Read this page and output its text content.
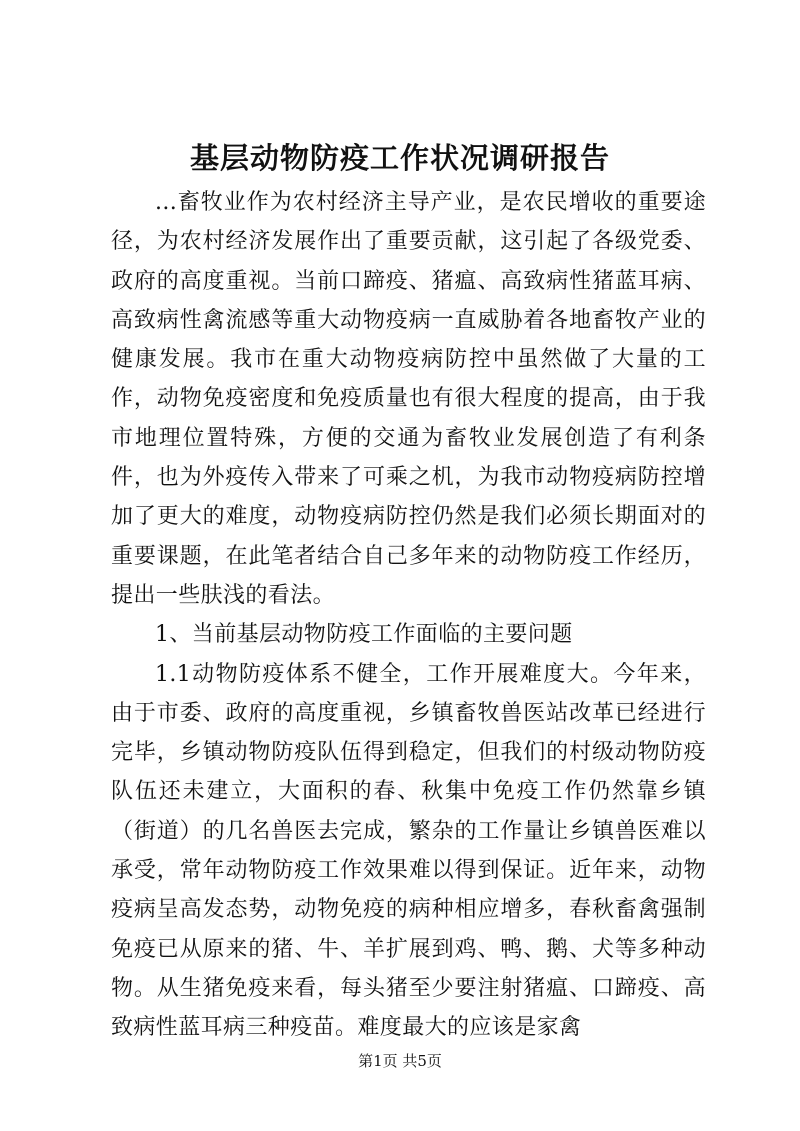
基层动物防疫工作状况调研报告

...畜牧业作为农村经济主导产业，是农民增收的重要途径，为农村经济发展作出了重要贡献，这引起了各级党委、政府的高度重视。当前口蹄疫、猪瘟、高致病性猪蓝耳病、高致病性禽流感等重大动物疫病一直威胁着各地畜牧产业的健康发展。我市在重大动物疫病防控中虽然做了大量的工作，动物免疫密度和免疫质量也有很大程度的提高，由于我市地理位置特殊，方便的交通为畜牧业发展创造了有利条件，也为外疫传入带来了可乘之机，为我市动物疫病防控增加了更大的难度，动物疫病防控仍然是我们必须长期面对的重要课题，在此笔者结合自己多年来的动物防疫工作经历，提出一些肤浅的看法。

1、当前基层动物防疫工作面临的主要问题

1.1动物防疫体系不健全，工作开展难度大。今年来，由于市委、政府的高度重视，乡镇畜牧兽医站改革已经进行完毕，乡镇动物防疫队伍得到稳定，但我们的村级动物防疫队伍还未建立，大面积的春、秋集中免疫工作仍然靠乡镇（街道）的几名兽医去完成，繁杂的工作量让乡镇兽医难以承受，常年动物防疫工作效果难以得到保证。近年来，动物疫病呈高发态势，动物免疫的病种相应增多，春秋畜禽强制免疫已从原来的猪、牛、羊扩展到鸡、鸭、鹅、犬等多种动物。从生猪免疫来看，每头猪至少要注射猪瘟、口蹄疫、高致病性蓝耳病三种疫苗。难度最大的应该是家禽

第1页 共5页
